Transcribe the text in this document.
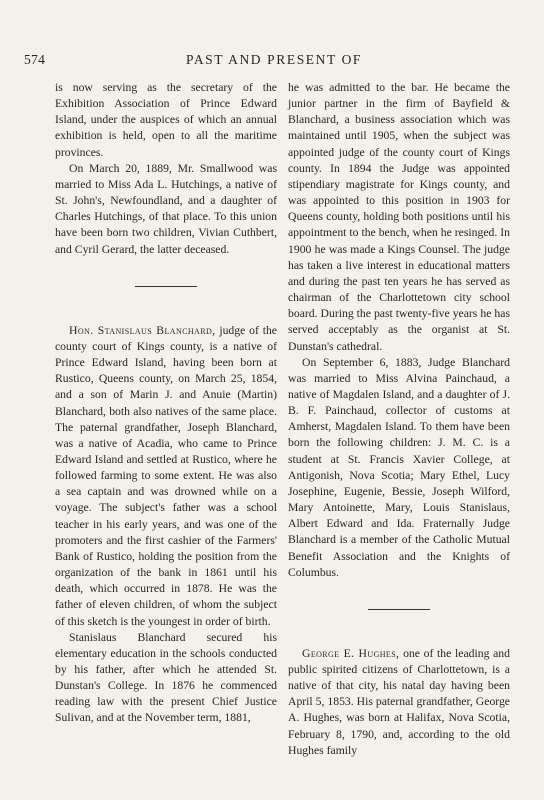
574	PAST AND PRESENT OF

is now serving as the secretary of the Exhibition Association of Prince Edward Island, under the auspices of which an annual exhibition is held, open to all the maritime provinces.

On March 20, 1889, Mr. Smallwood was married to Miss Ada L. Hutchings, a native of St. John's, Newfoundland, and a daughter of Charles Hutchings, of that place. To this union have been born two children, Vivian Cuthbert, and Cyril Gerard, the latter deceased.

Hon. Stanislaus Blanchard, judge of the county court of Kings county, is a native of Prince Edward Island, having been born at Rustico, Queens county, on March 25, 1854, and a son of Marin J. and Anuie (Martin) Blanchard, both also natives of the same place. The paternal grandfather, Joseph Blanchard, was a native of Acadia, who came to Prince Edward Island and settled at Rustico, where he followed farming to some extent. He was also a sea captain and was drowned while on a voyage. The subject's father was a school teacher in his early years, and was one of the promoters and the first cashier of the Farmers' Bank of Rustico, holding the position from the organization of the bank in 1861 until his death, which occurred in 1878. He was the father of eleven children, of whom the subject of this sketch is the youngest in order of birth.

Stanislaus Blanchard secured his elementary education in the schools conducted by his father, after which he attended St. Dunstan's College. In 1876 he commenced reading law with the present Chief Justice Sulivan, and at the November term, 1881,

he was admitted to the bar. He became the junior partner in the firm of Bayfield & Blanchard, a business association which was maintained until 1905, when the subject was appointed judge of the county court of Kings county. In 1894 the Judge was appointed stipendiary magistrate for Kings county, and was appointed to this position in 1903 for Queens county, holding both positions until his appointment to the bench, when he resinged. In 1900 he was made a Kings Counsel. The judge has taken a live interest in educational matters and during the past ten years he has served as chairman of the Charlottetown city school board. During the past twenty-five years he has served acceptably as the organist at St. Dunstan's cathedral.

On September 6, 1883, Judge Blanchard was married to Miss Alvina Painchaud, a native of Magdalen Island, and a daughter of J. B. F. Painchaud, collector of customs at Amherst, Magdalen Island. To them have been born the following children: J. M. C. is a student at St. Francis Xavier College, at Antigonish, Nova Scotia; Mary Ethel, Lucy Josephine, Eugenie, Bessie, Joseph Wilford, Mary Antoinette, Mary, Louis Stanislaus, Albert Edward and Ida. Fraternally Judge Blanchard is a member of the Catholic Mutual Benefit Association and the Knights of Columbus.

George E. Hughes, one of the leading and public spirited citizens of Charlottetown, is a native of that city, his natal day having been April 5, 1853. His paternal grandfather, George A. Hughes, was born at Halifax, Nova Scotia, February 8, 1790, and, according to the old Hughes family
